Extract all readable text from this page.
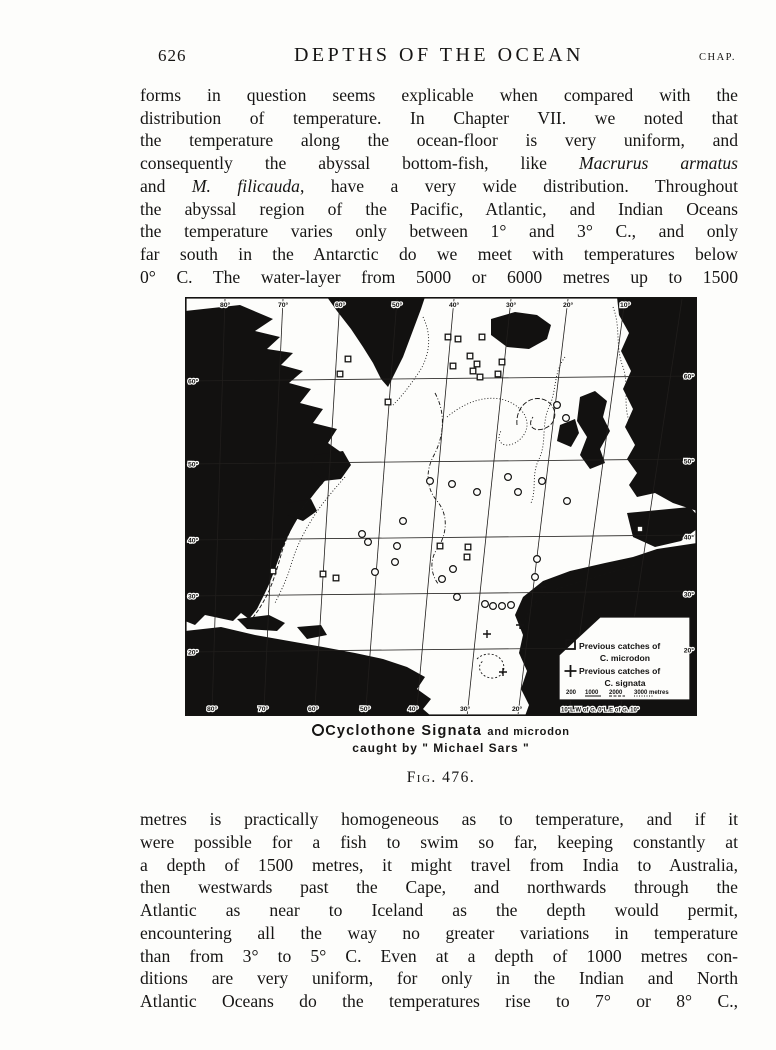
626	DEPTHS OF THE OCEAN	CHAP.
forms in question seems explicable when compared with the
distribution of temperature. In Chapter VII. we noted that
the temperature along the ocean-floor is very uniform, and
consequently the abyssal bottom-fish, like Macrurus armatus
and M. filicauda, have a very wide distribution. Throughout
the abyssal region of the Pacific, Atlantic, and Indian Oceans
the temperature varies only between 1° and 3° C., and only
far south in the Antarctic do we meet with temperatures below
0° C. The water-layer from 5000 or 6000 metres up to 1500
Previous catches of
C. microdon
Previous catches of
C. signata
200 1000 2000 3000 metres
80°	70°	60°	50°	40°	30°	20°	10°
80°	70°	60°	50°	40°	30°	20°
60°
50°
40°
30°
20°
60°
50°
40°
30°
20°
10°L.W of G. 0°L.E of G. 10°
Cyclothone Signata and microdon
caught by " Michael Sars "
Fig. 476.
metres is practically homogeneous as to temperature, and if it
were possible for a fish to swim so far, keeping constantly at
a depth of 1500 metres, it might travel from India to Australia,
then westwards past the Cape, and northwards through the
Atlantic as near to Iceland as the depth would permit,
encountering all the way no greater variations in temperature
than from 3° to 5° C. Even at a depth of 1000 metres con-
ditions are very uniform, for only in the Indian and North
Atlantic Oceans do the temperatures rise to 7° or 8° C.,
